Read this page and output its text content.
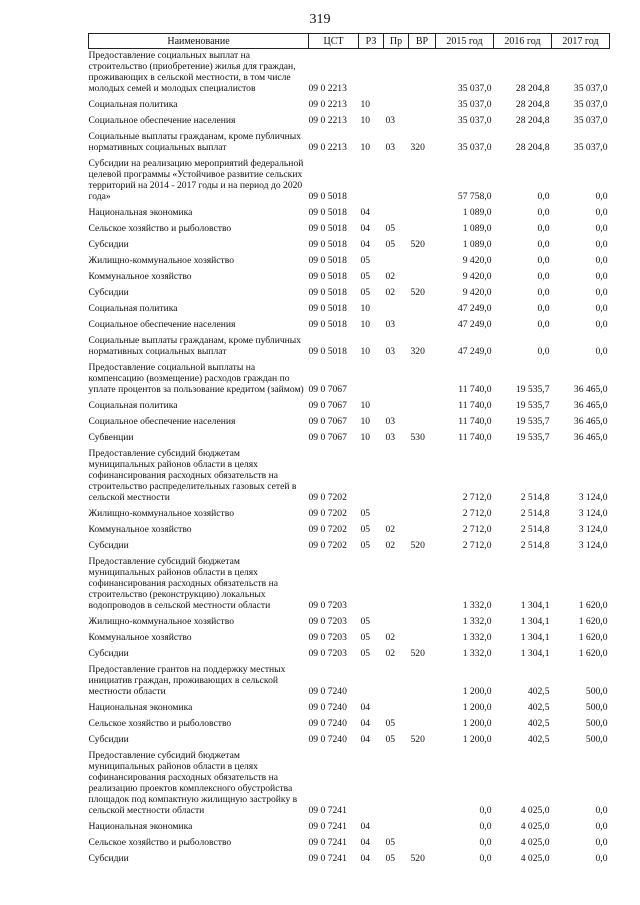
319
Наименование	ЦСТ	РЗ	Пр	ВР	2015 год	2016 год	2017 год
Предоставление социальных выплат на строительство (приобретение) жилья для граждан, проживающих в сельской местности, в том числе молодых семей и молодых специалистов	09 0 2213				35 037,0	28 204,8	35 037,0
Социальная политика	09 0 2213	10			35 037,0	28 204,8	35 037,0
Социальное обеспечение населения	09 0 2213	10	03		35 037,0	28 204,8	35 037,0
Социальные выплаты гражданам, кроме публичных нормативных социальных выплат	09 0 2213	10	03	320	35 037,0	28 204,8	35 037,0
Субсидии на реализацию мероприятий федеральной целевой программы «Устойчивое развитие сельских территорий на 2014 - 2017 годы и на период до 2020 года»	09 0 5018				57 758,0	0,0	0,0
Национальная экономика	09 0 5018	04			1 089,0	0,0	0,0
Сельское хозяйство и рыболовство	09 0 5018	04	05		1 089,0	0,0	0,0
Субсидии	09 0 5018	04	05	520	1 089,0	0,0	0,0
Жилищно-коммунальное хозяйство	09 0 5018	05			9 420,0	0,0	0,0
Коммунальное хозяйство	09 0 5018	05	02		9 420,0	0,0	0,0
Субсидии	09 0 5018	05	02	520	9 420,0	0,0	0,0
Социальная политика	09 0 5018	10			47 249,0	0,0	0,0
Социальное обеспечение населения	09 0 5018	10	03		47 249,0	0,0	0,0
Социальные выплаты гражданам, кроме публичных нормативных социальных выплат	09 0 5018	10	03	320	47 249,0	0,0	0,0
Предоставление социальной выплаты на компенсацию (возмещение) расходов граждан по уплате процентов за пользование кредитом (займом)	09 0 7067				11 740,0	19 535,7	36 465,0
Социальная политика	09 0 7067	10			11 740,0	19 535,7	36 465,0
Социальное обеспечение населения	09 0 7067	10	03		11 740,0	19 535,7	36 465,0
Субвенции	09 0 7067	10	03	530	11 740,0	19 535,7	36 465,0
Предоставление субсидий бюджетам муниципальных районов области в целях софинансирования расходных обязательств на строительство распределительных газовых сетей в сельской местности	09 0 7202				2 712,0	2 514,8	3 124,0
Жилищно-коммунальное хозяйство	09 0 7202	05			2 712,0	2 514,8	3 124,0
Коммунальное хозяйство	09 0 7202	05	02		2 712,0	2 514,8	3 124,0
Субсидии	09 0 7202	05	02	520	2 712,0	2 514,8	3 124,0
Предоставление субсидий бюджетам муниципальных районов области в целях софинансирования расходных обязательств на строительство (реконструкцию) локальных водопроводов в сельской местности области	09 0 7203				1 332,0	1 304,1	1 620,0
Жилищно-коммунальное хозяйство	09 0 7203	05			1 332,0	1 304,1	1 620,0
Коммунальное хозяйство	09 0 7203	05	02		1 332,0	1 304,1	1 620,0
Субсидии	09 0 7203	05	02	520	1 332,0	1 304,1	1 620,0
Предоставление грантов на поддержку местных инициатив граждан, проживающих в сельской местности области	09 0 7240				1 200,0	402,5	500,0
Национальная экономика	09 0 7240	04			1 200,0	402,5	500,0
Сельское хозяйство и рыболовство	09 0 7240	04	05		1 200,0	402,5	500,0
Субсидии	09 0 7240	04	05	520	1 200,0	402,5	500,0
Предоставление субсидий бюджетам муниципальных районов области в целях софинансирования расходных обязательств на реализацию проектов комплексного обустройства площадок под компактную жилищную застройку в сельской местности области	09 0 7241				0,0	4 025,0	0,0
Национальная экономика	09 0 7241	04			0,0	4 025,0	0,0
Сельское хозяйство и рыболовство	09 0 7241	04	05		0,0	4 025,0	0,0
Субсидии	09 0 7241	04	05	520	0,0	4 025,0	0,0
